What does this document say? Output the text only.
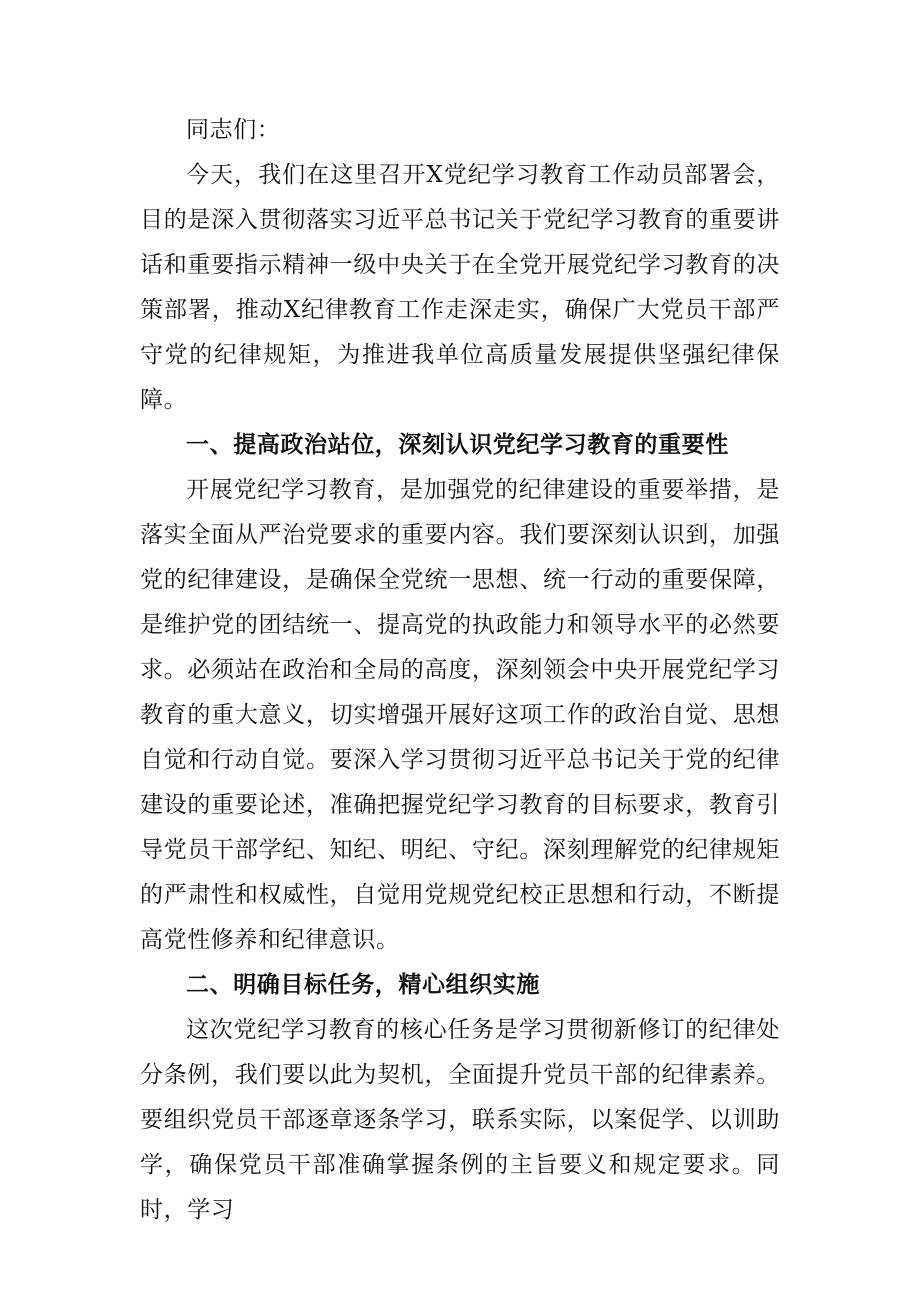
同志们：

今天，我们在这里召开X党纪学习教育工作动员部署会，目的是深入贯彻落实习近平总书记关于党纪学习教育的重要讲话和重要指示精神一级中央关于在全党开展党纪学习教育的决策部署，推动X纪律教育工作走深走实，确保广大党员干部严守党的纪律规矩，为推进我单位高质量发展提供坚强纪律保障。

一、提高政治站位，深刻认识党纪学习教育的重要性

开展党纪学习教育，是加强党的纪律建设的重要举措，是落实全面从严治党要求的重要内容。我们要深刻认识到，加强党的纪律建设，是确保全党统一思想、统一行动的重要保障，是维护党的团结统一、提高党的执政能力和领导水平的必然要求。必须站在政治和全局的高度，深刻领会中央开展党纪学习教育的重大意义，切实增强开展好这项工作的政治自觉、思想自觉和行动自觉。要深入学习贯彻习近平总书记关于党的纪律建设的重要论述，准确把握党纪学习教育的目标要求，教育引导党员干部学纪、知纪、明纪、守纪。深刻理解党的纪律规矩的严肃性和权威性，自觉用党规党纪校正思想和行动，不断提高党性修养和纪律意识。

二、明确目标任务，精心组织实施

这次党纪学习教育的核心任务是学习贯彻新修订的纪律处分条例，我们要以此为契机，全面提升党员干部的纪律素养。要组织党员干部逐章逐条学习，联系实际，以案促学、以训助学，确保党员干部准确掌握条例的主旨要义和规定要求。同时，学习
